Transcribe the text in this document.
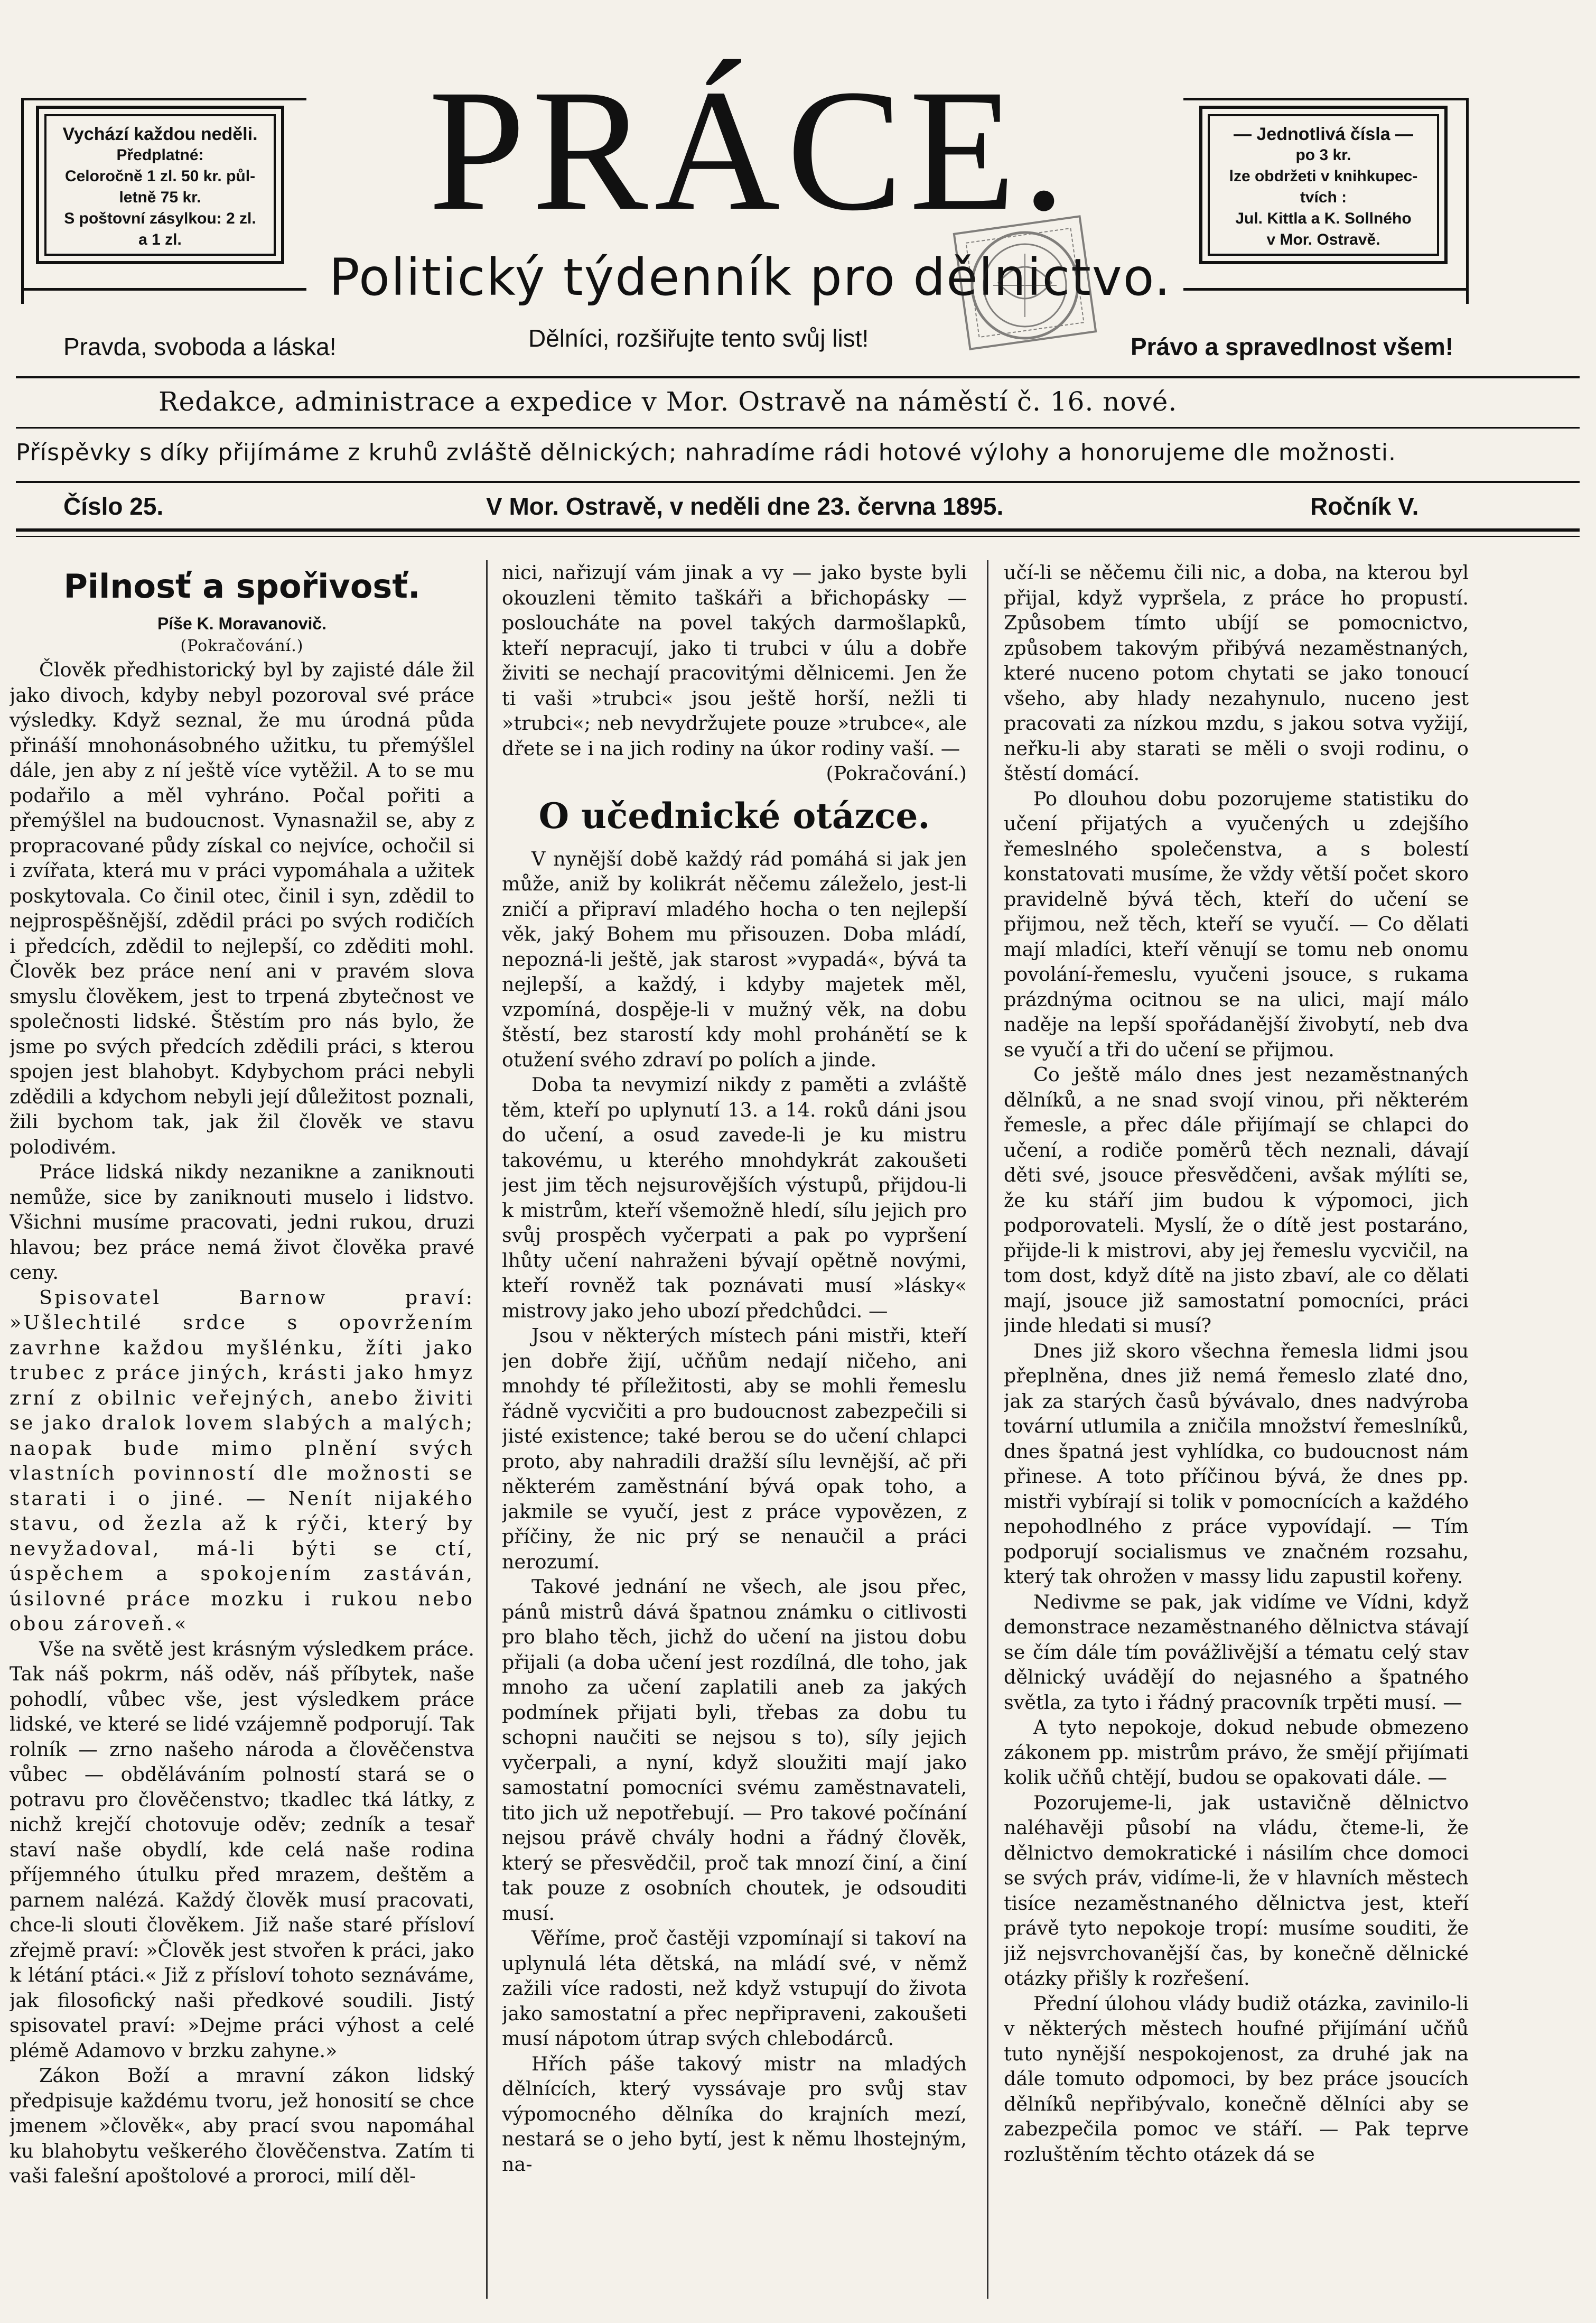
PRÁCE.
Politický týdenník pro dělnictvo.
Vychází každou neděli.
Předplatné:
Celoročně 1 zl. 50 kr. půl-
letně 75 kr.
S poštovní zásylkou: 2 zl.
a 1 zl.
— Jednotlivá čísla —
po 3 kr.
lze obdržeti v knihkupec-
tvích :
Jul. Kittla a K. Sollného
v Mor. Ostravě.
Pravda, svoboda a láska!	Dělníci, rozšiřujte tento svůj list!	Právo a spravedlnost všem!
Redakce, administrace a expedice v Mor. Ostravě na náměstí č. 16. nové.
Příspěvky s díky přijímáme z kruhů zvláště dělnických; nahradíme rádi hotové výlohy a honorujeme dle možnosti.
Číslo 25.	V Mor. Ostravě, v neděli dne 23. června 1895.	Ročník V.
Pilnosť a spořivosť.
Píše K. Moravanovič.
(Pokračování.)

Člověk předhistorický byl by zajisté dále žil jako divoch, kdyby nebyl pozoroval své práce výsledky. Když seznal, že mu úrodná půda přináší mnohonásobného užitku, tu přemýšlel dále, jen aby z ní ještě více vytěžil. A to se mu podařilo a měl vyhráno. Počal pořiti a přemýšlel na budoucnost. Vynasnažil se, aby z propracované půdy získal co nejvíce, ochočil si i zvířata, která mu v práci vypomáhala a užitek poskytovala. Co činil otec, činil i syn, zdědil to nejprospěšnější, zdědil práci po svých rodičích i předcích, zdědil to nejlepší, co zděditi mohl. Člověk bez práce není ani v pravém slova smyslu člověkem, jest to trpená zbytečnost ve společnosti lidské. Štěstím pro nás bylo, že jsme po svých předcích zdědili práci, s kterou spojen jest blahobyt. Kdybychom práci nebyli zdědili a kdychom nebyli její důležitost poznali, žili bychom tak, jak žil člověk ve stavu polodivém.

Práce lidská nikdy nezanikne a zaniknouti nemůže, sice by zaniknouti muselo i lidstvo. Všichni musíme pracovati, jedni rukou, druzi hlavou; bez práce nemá život člověka pravé ceny.

Spisovatel Barnow praví: »Ušlechtilé srdce s opovržením zavrhne každou myšlénku, žíti jako trubec z práce jiných, krásti jako hmyz zrní z obilnic veřejných, anebo živiti se jako dralok lovem slabých a malých; naopak bude mimo plnění svých vlastních povinností dle možnosti se starati i o jiné. — Nenít nijakého stavu, od žezla až k rýči, který by nevyžadoval, má-li býti se ctí, úspěchem a spokojením zastáván, úsilovné práce mozku i rukou nebo obou zároveň.«

Vše na světě jest krásným výsledkem práce. Tak náš pokrm, náš oděv, náš příbytek, naše pohodlí, vůbec vše, jest výsledkem práce lidské, ve které se lidé vzájemně podporují. Tak rolník — zrno našeho národa a člověčenstva vůbec — obděláváním polností stará se o potravu pro člověčenstvo; tkadlec tká látky, z nichž krejčí chotovuje oděv; zedník a tesař staví naše obydlí, kde celá naše rodina příjemného útulku před mrazem, deštěm a parnem nalézá. Každý člověk musí pracovati, chce-li slouti člověkem. Již naše staré přísloví zřejmě praví: »Člověk jest stvořen k práci, jako k létání ptáci.« Již z přísloví tohoto seznáváme, jak filosofický naši předkové soudili. Jistý spisovatel praví: »Dejme práci výhost a celé plémě Adamovo v brzku zahyne.»

Zákon Boží a mravní zákon lidský předpisuje každému tvoru, jež honosití se chce jmenem »člověk«, aby prací svou napomáhal ku blahobytu veškerého člověčenstva. Zatím ti vaši falešní apoštolové a proroci, milí děl-

nici, nařizují vám jinak a vy — jako byste byli okouzleni těmito taškáři a břichopásky — posloucháte na povel takých darmošlapků, kteří nepracují, jako ti trubci v úlu a dobře živiti se nechají pracovitými dělnicemi. Jen že ti vaši »trubci« jsou ještě horší, nežli ti »trubci«; neb nevydržujete pouze »trubce«, ale dřete se i na jich rodiny na úkor rodiny vaší. —

(Pokračování.)

O učednické otázce.

V nynější době každý rád pomáhá si jak jen může, aniž by kolikrát něčemu záleželo, jest-li zničí a připraví mladého hocha o ten nejlepší věk, jaký Bohem mu přisouzen. Doba mládí, nepozná-li ještě, jak starost »vypadá«, bývá ta nejlepší, a každý, i kdyby majetek měl, vzpomíná, dospěje-li v mužný věk, na dobu štěstí, bez starostí kdy mohl prohánětí se k otužení svého zdraví po polích a jinde.

Doba ta nevymizí nikdy z paměti a zvláště těm, kteří po uplynutí 13. a 14. roků dáni jsou do učení, a osud zavede-li je ku mistru takovému, u kterého mnohdykrát zakoušeti jest jim těch nejsurovějších výstupů, přijdou-li k mistrům, kteří všemožně hledí, sílu jejich pro svůj prospěch vyčerpati a pak po vypršení lhůty učení nahraženi bývají opětně novými, kteří rovněž tak poznávati musí »lásky« mistrovy jako jeho ubozí předchůdci. —

Jsou v některých místech páni mistři, kteří jen dobře žijí, učňům nedají ničeho, ani mnohdy té příležitosti, aby se mohli řemeslu řádně vycvičiti a pro budoucnost zabezpečili si jisté existence; také berou se do učení chlapci proto, aby nahradili dražší sílu levnější, ač při některém zaměstnání bývá opak toho, a jakmile se vyučí, jest z práce vypovězen, z příčiny, že nic prý se nenaučil a práci nerozumí.

Takové jednání ne všech, ale jsou přec, pánů mistrů dává špatnou známku o citlivosti pro blaho těch, jichž do učení na jistou dobu přijali (a doba učení jest rozdílná, dle toho, jak mnoho za učení zaplatili aneb za jakých podmínek přijati byli, třebas za dobu tu schopni naučiti se nejsou s to), síly jejich vyčerpali, a nyní, když sloužiti mají jako samostatní pomocníci svému zaměstnavateli, tito jich už nepotřebují. — Pro takové počínání nejsou právě chvály hodni a řádný člověk, který se přesvědčil, proč tak mnozí činí, a činí tak pouze z osobních choutek, je odsouditi musí.

Věříme, proč častěji vzpomínají si takoví na uplynulá léta dětská, na mládí své, v němž zažili více radosti, než když vstupují do života jako samostatní a přec nepřipraveni, zakoušeti musí nápotom útrap svých chlebodárců.

Hřích páše takový mistr na mladých dělnících, který vyssávaje pro svůj stav výpomocného dělníka do krajních mezí, nestará se o jeho bytí, jest k němu lhostejným, na-

učí-li se něčemu čili nic, a doba, na kterou byl přijal, když vypršela, z práce ho propustí. Způsobem tímto ubíjí se pomocnictvo, způsobem takovým přibývá nezaměstnaných, které nuceno potom chytati se jako tonoucí všeho, aby hlady nezahynulo, nuceno jest pracovati za nízkou mzdu, s jakou sotva vyžijí, neřku-li aby starati se měli o svoji rodinu, o štěstí domácí.

Po dlouhou dobu pozorujeme statistiku do učení přijatých a vyučených u zdejšího řemeslného společenstva, a s bolestí konstatovati musíme, že vždy větší počet skoro pravidelně bývá těch, kteří do učení se přijmou, než těch, kteří se vyučí. — Co dělati mají mladíci, kteří věnují se tomu neb onomu povolání-řemeslu, vyučeni jsouce, s rukama prázdnýma ocitnou se na ulici, mají málo naděje na lepší spořádanější živobytí, neb dva se vyučí a tři do učení se přijmou.

Co ještě málo dnes jest nezaměstnaných dělníků, a ne snad svojí vinou, při některém řemesle, a přec dále přijímají se chlapci do učení, a rodiče poměrů těch neznali, dávají děti své, jsouce přesvědčeni, avšak mýlíti se, že ku stáří jim budou k výpomoci, jich podporovateli. Myslí, že o dítě jest postaráno, přijde-li k mistrovi, aby jej řemeslu vycvičil, na tom dost, když dítě na jisto zbaví, ale co dělati mají, jsouce již samostatní pomocníci, práci jinde hledati si musí?

Dnes již skoro všechna řemesla lidmi jsou přeplněna, dnes již nemá řemeslo zlaté dno, jak za starých časů bývávalo, dnes nadvýroba tovární utlumila a zničila množství řemeslníků, dnes špatná jest vyhlídka, co budoucnost nám přinese. A toto příčinou bývá, že dnes pp. mistři vybírají si tolik v pomocnících a každého nepohodlného z práce vypovídají. — Tím podporují socialismus ve značném rozsahu, který tak ohrožen v massy lidu zapustil kořeny.

Nedivme se pak, jak vidíme ve Vídni, když demonstrace nezaměstnaného dělnictva stávají se čím dále tím povážlivější a tématu celý stav dělnický uvádějí do nejasného a špatného světla, za tyto i řádný pracovník trpěti musí. —

A tyto nepokoje, dokud nebude obmezeno zákonem pp. mistrům právo, že smějí přijímati kolik učňů chtějí, budou se opakovati dále. —

Pozorujeme-li, jak ustavičně dělnictvo naléhavěji působí na vládu, čteme-li, že dělnictvo demokratické i násilím chce domoci se svých práv, vidíme-li, že v hlavních městech tisíce nezaměstnaného dělnictva jest, kteří právě tyto nepokoje tropí: musíme souditi, že již nejsvrchovanější čas, by konečně dělnické otázky přišly k rozřešení.

Přední úlohou vlády budiž otázka, zavinilo-li v některých městech houfné přijímání učňů tuto nynější nespokojenost, za druhé jak na dále tomuto odpomoci, by bez práce jsoucích dělníků nepřibývalo, konečně dělníci aby se zabezpečila pomoc ve stáří. — Pak teprve rozluštěním těchto otázek dá se
